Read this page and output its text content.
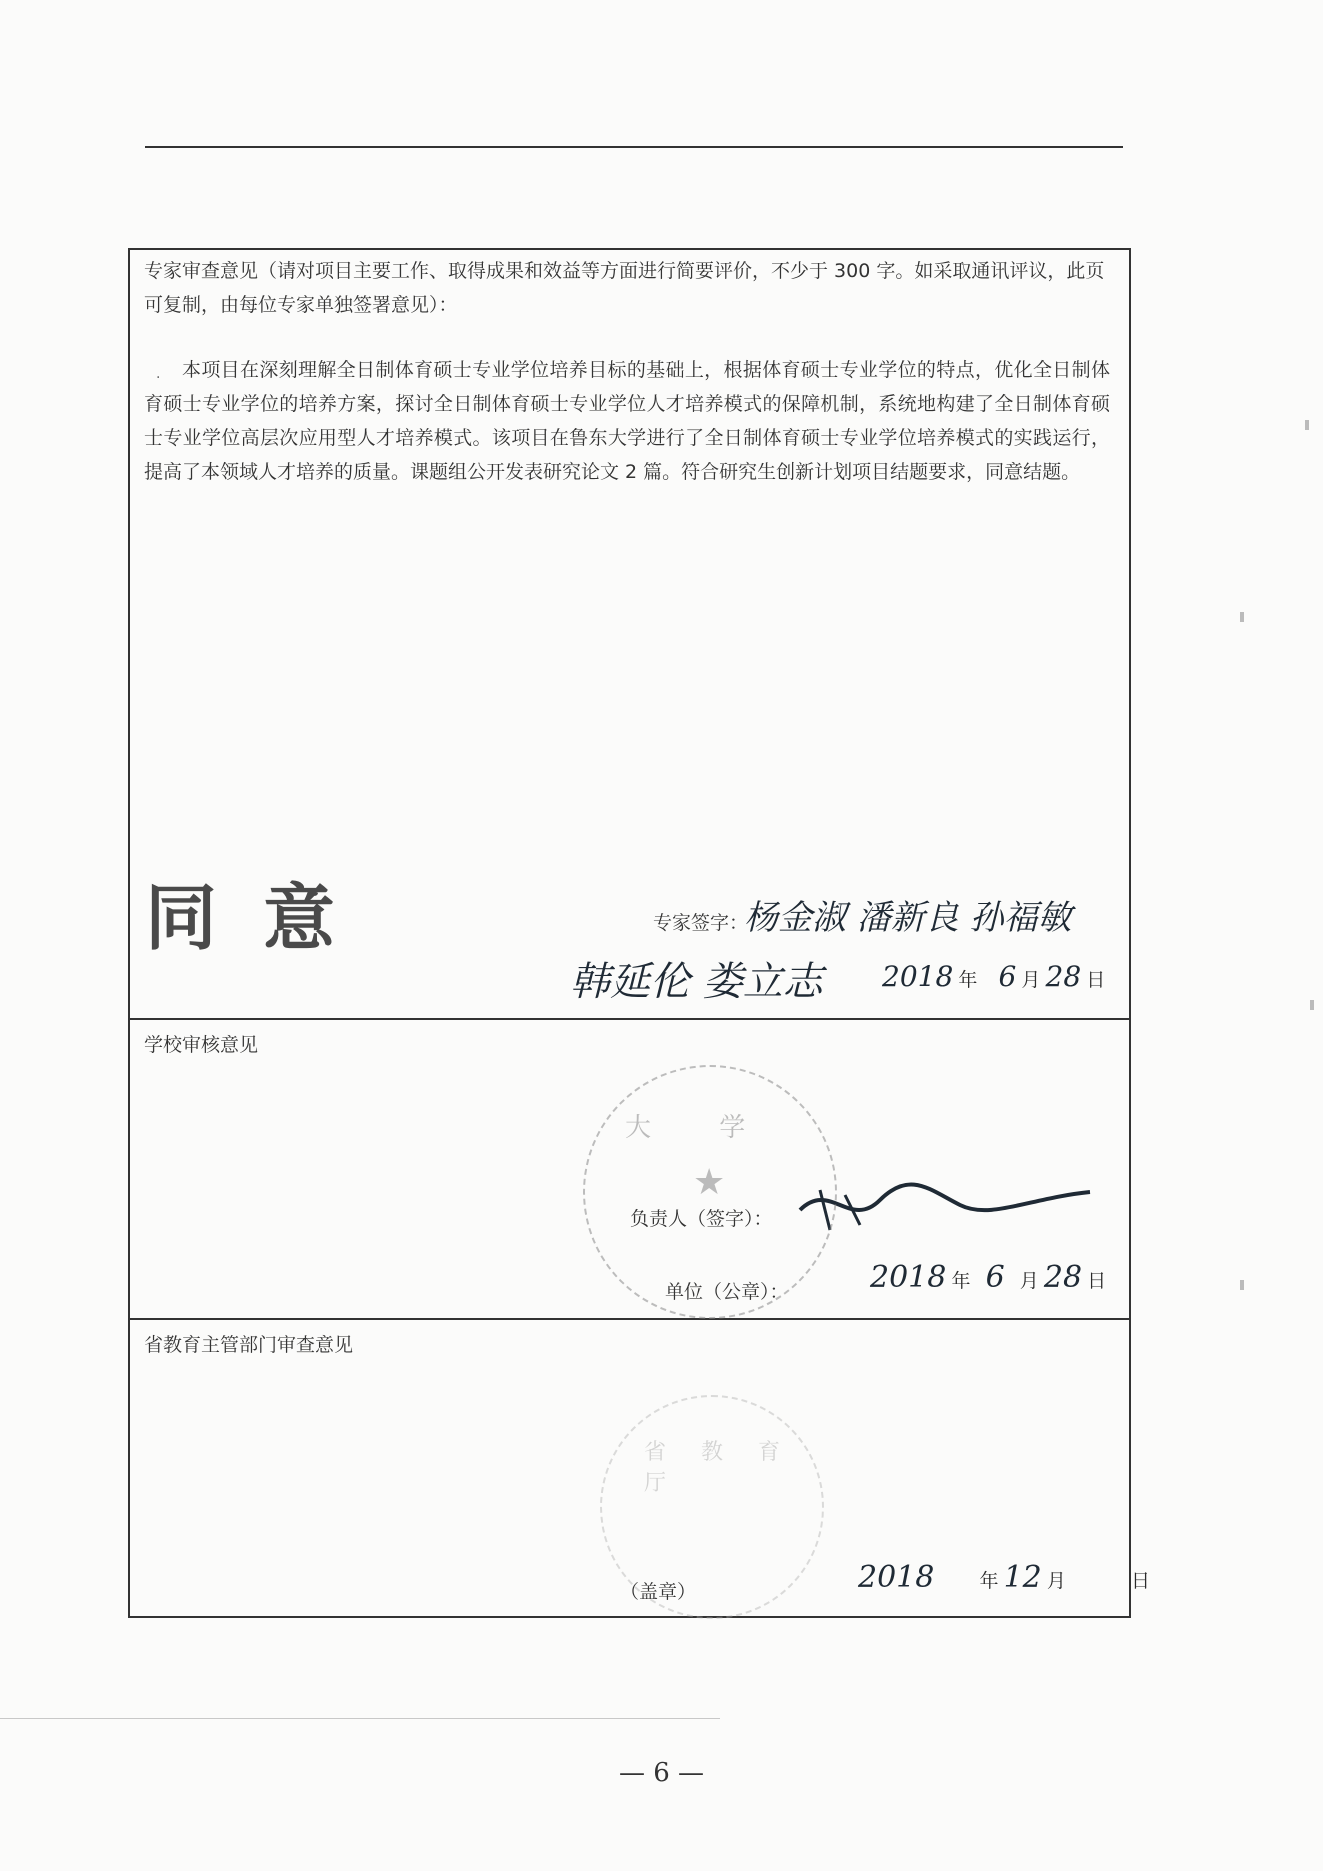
专家审查意见（请对项目主要工作、取得成果和效益等方面进行简要评价，不少于 300 字。如采取通讯评议，此页可复制，由每位专家单独签署意见）：
·	本项目在深刻理解全日制体育硕士专业学位培养目标的基础上，根据体育硕士专业学位的特点，优化全日制体育硕士专业学位的培养方案，探讨全日制体育硕士专业学位人才培养模式的保障机制，系统地构建了全日制体育硕士专业学位高层次应用型人才培养模式。该项目在鲁东大学进行了全日制体育硕士专业学位培养模式的实践运行，提高了本领域人才培养的质量。课题组公开发表研究论文 2 篇。符合研究生创新计划项目结题要求，同意结题。
专家签字：
杨金淑 潘新良 孙福敏
韩延伦 娄立志 2018 年 6 月 28 日
学校审核意见
负责人（签字）：
单位（公章）：	2018 年 6 月 28 日
省教育主管部门审查意见
（盖章）	2018 年 12 月	日
同意
大 学
★
省 教 育 厅
— 6 —
